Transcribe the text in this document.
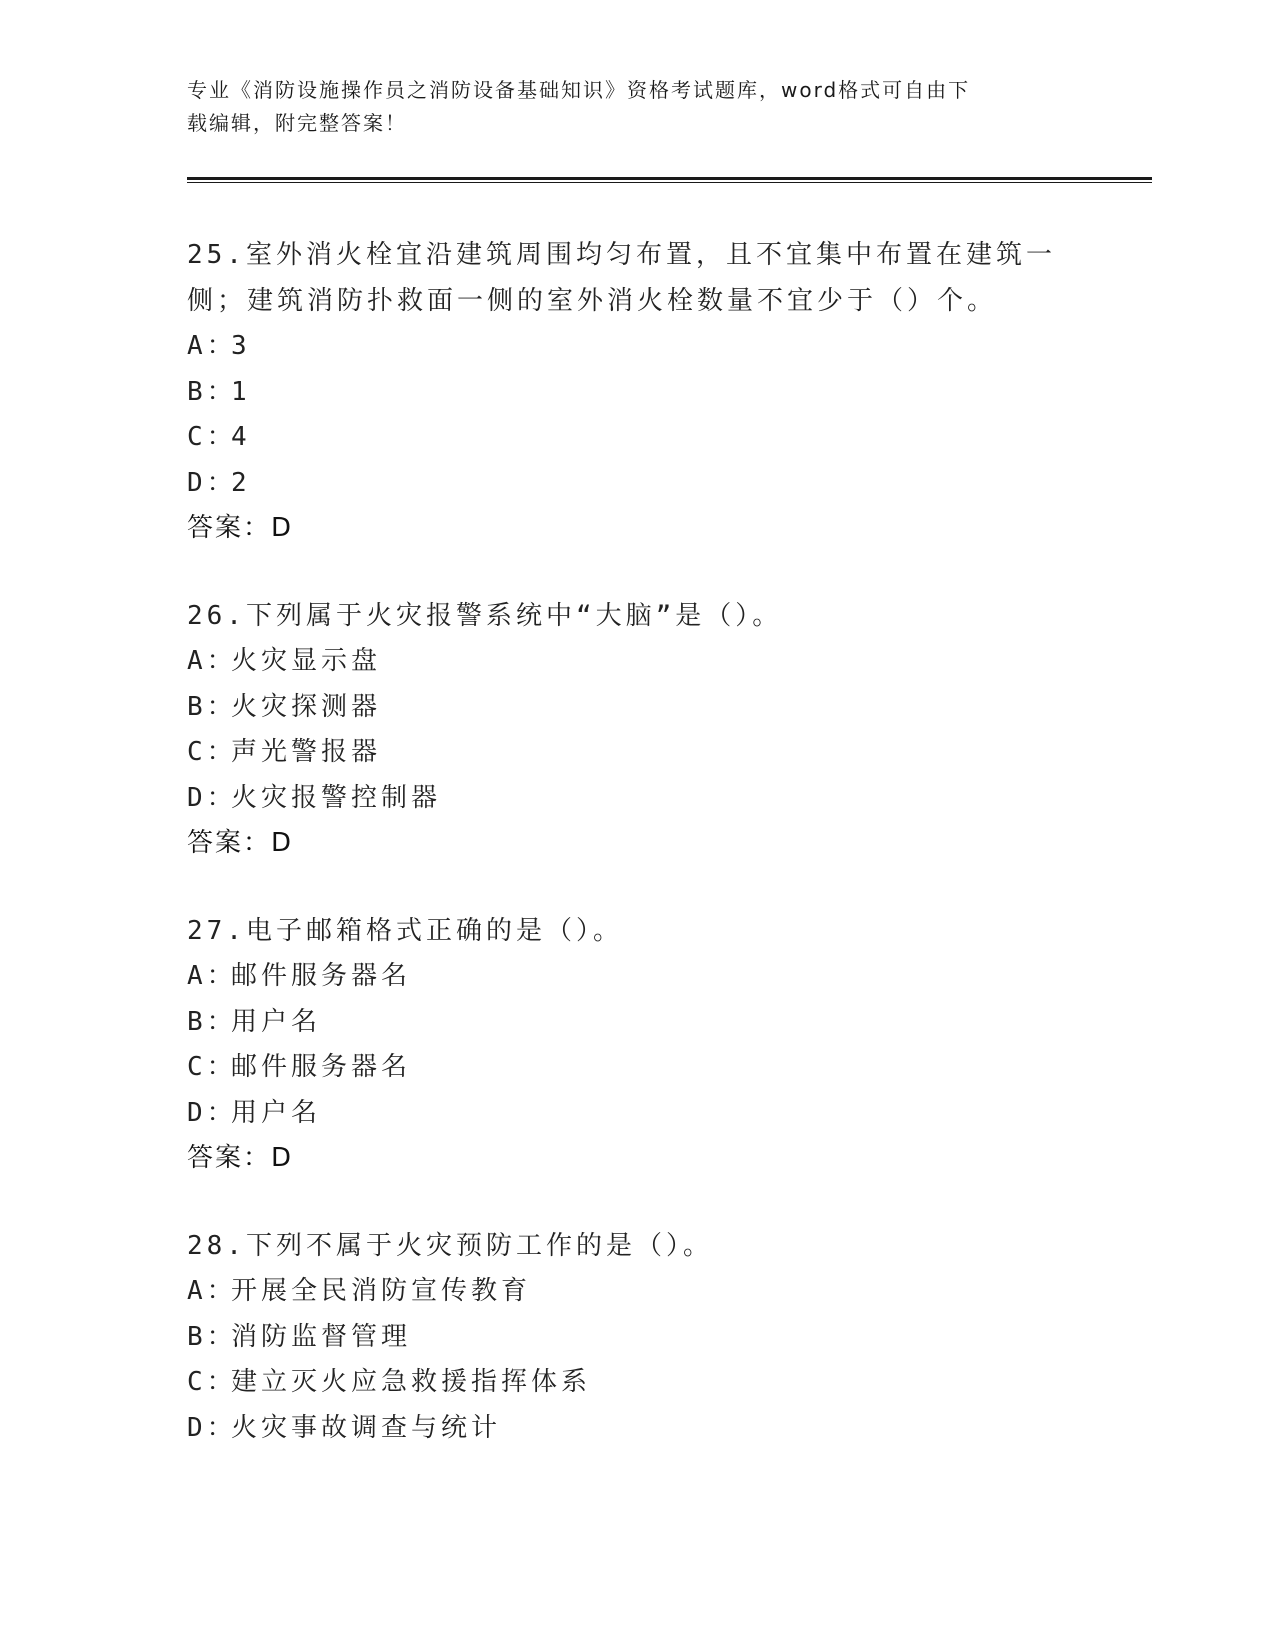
专业《消防设施操作员之消防设备基础知识》资格考试题库，word格式可自由下
载编辑，附完整答案！
25.室外消火栓宜沿建筑周围均匀布置，且不宜集中布置在建筑一侧；建筑消防扑救面一侧的室外消火栓数量不宜少于（）个。
A：3
B：1
C：4
D：2
答案：D
26.下列属于火灾报警系统中“大脑”是（）。
A：火灾显示盘
B：火灾探测器
C：声光警报器
D：火灾报警控制器
答案：D
27.电子邮箱格式正确的是（）。
A：邮件服务器名
B：用户名
C：邮件服务器名
D：用户名
答案：D
28.下列不属于火灾预防工作的是（）。
A：开展全民消防宣传教育
B：消防监督管理
C：建立灭火应急救援指挥体系
D：火灾事故调查与统计
